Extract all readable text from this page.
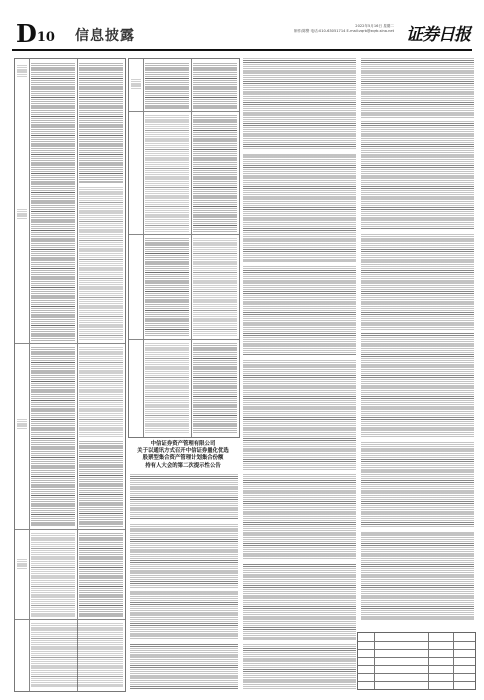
D10 信息披露
2022年5月16日 星期二
制作/陈警 电话:010-63051714 E-mail:zqrb@zqrb.sina.net 证券日报
中信证券资产管理有限公司
关于以通讯方式召开中信证券量化优选
股票型集合资产管理计划集合份额
持有人大会的第二次提示性公告
